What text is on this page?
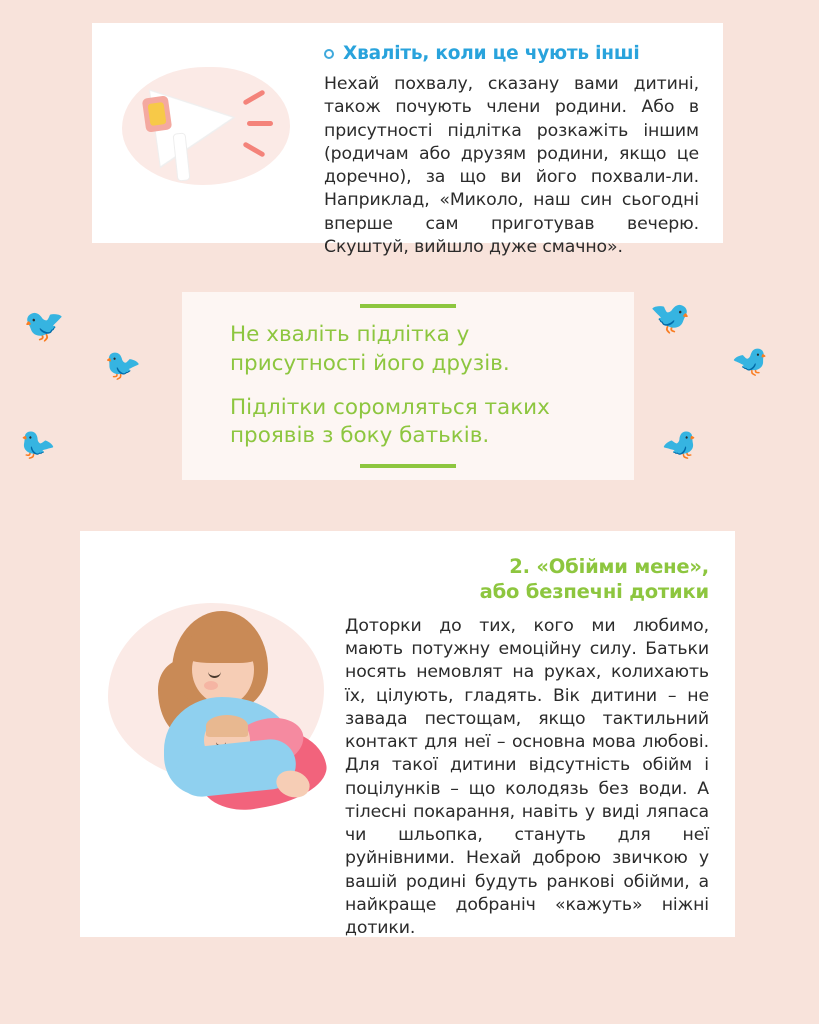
Хваліть, коли це чують інші
Нехай похвалу, сказану вами дитині, також почують члени родини. Або в присутності підлітка розкажіть іншим (родичам або друзям родини, якщо це доречно), за що ви його похвали-ли. Наприклад, «Миколо, наш син сьогодні вперше сам приготував вечерю. Скуштуй, вийшло дуже смачно».
🐦
🐦
🐦
🐦
🐦
🐦
Не хваліть підлітка у присутності його друзів.
Підлітки соромляться таких проявів з боку батьків.
2. «Обійми мене»,
або безпечні дотики
Доторки до тих, кого ми любимо, мають потужну емоційну силу. Батьки носять немовлят на руках, колихають їх, цілують, гладять. Вік дитини – не завада пестощам, якщо тактильний контакт для неї – основна мова любові. Для такої дитини відсутність обійм і поцілунків – що колодязь без води. А тілесні покарання, навіть у виді ляпаса чи шльопка, стануть для неї руйнівними. Нехай доброю звичкою у вашій родині будуть ранкові обійми, а найкраще добраніч «кажуть» ніжні дотики.
